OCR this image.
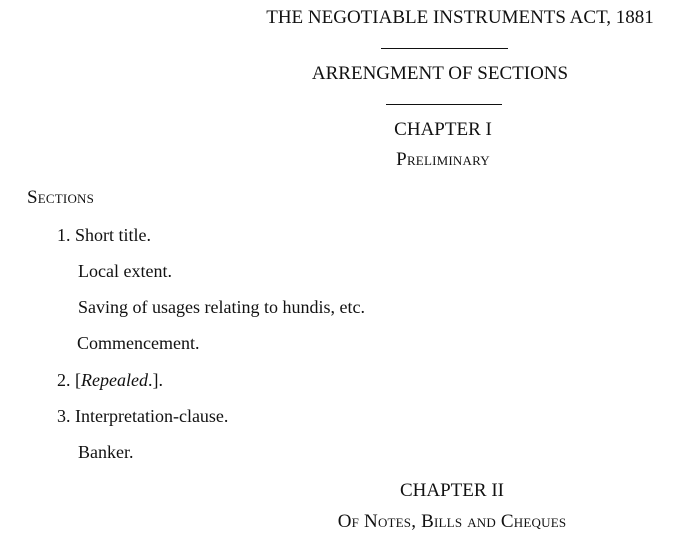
THE NEGOTIABLE INSTRUMENTS ACT, 1881
ARRENGMENT OF SECTIONS
CHAPTER I
Preliminary
Sections
1. Short title.
Local extent.
Saving of usages relating to hundis, etc.
Commencement.
2. [Repealed.].
3. Interpretation-clause.
Banker.
CHAPTER II
Of Notes, Bills and Cheques
